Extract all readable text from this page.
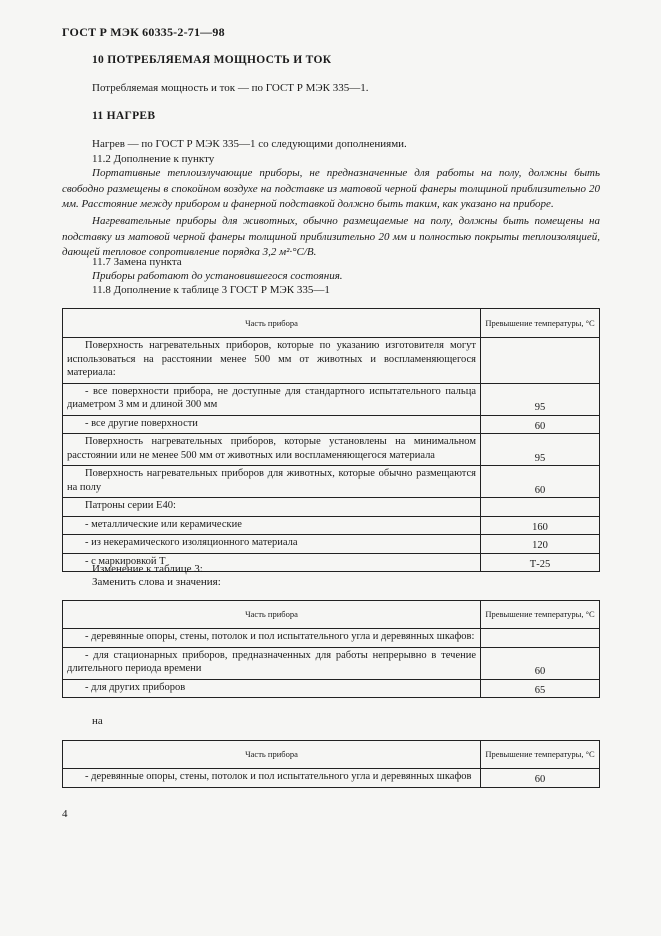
ГОСТ Р МЭК 60335-2-71—98
10 ПОТРЕБЛЯЕМАЯ МОЩНОСТЬ И ТОК
Потребляемая мощность и ток — по ГОСТ Р МЭК 335—1.
11 НАГРЕВ
Нагрев — по ГОСТ Р МЭК 335—1 со следующими дополнениями.
11.2 Дополнение к пункту
Портативные теплоизлучающие приборы, не предназначенные для работы на полу, должны быть свободно размещены в спокойном воздухе на подставке из матовой черной фанеры толщиной приблизительно 20 мм. Расстояние между прибором и фанерной подставкой должно быть таким, как указано на приборе.
Нагревательные приборы для животных, обычно размещаемые на полу, должны быть помещены на подставку из матовой черной фанеры толщиной приблизительно 20 мм и полностью покрыты теплоизоляцией, дающей тепловое сопротивление порядка 3,2 м²·°С/В.
11.7 Замена пункта
Приборы работают до установившегося состояния.
11.8 Дополнение к таблице 3 ГОСТ Р МЭК 335—1
Часть прибора	Превышение температуры, °С

Поверхность нагревательных приборов, которые по указанию изготовителя могут использоваться на расстоянии менее 500 мм от животных и воспламеняющегося материала:	

- все поверхности прибора, не доступные для стандартного испытательного пальца диаметром 3 мм и длиной 300 мм	95

- все другие поверхности	60

Поверхность нагревательных приборов, которые установлены на минимальном расстоянии или не менее 500 мм от животных или воспламеняющегося материала	95

Поверхность нагревательных приборов для животных, которые обычно размещаются на полу	60

Патроны серии Е40:	

- металлические или керамические	160

- из некерамического изоляционного материала	120

- с маркировкой Т	Т-25
Изменение к таблице 3:
Заменить слова и значения:
Часть прибора	Превышение температуры, °С

- деревянные опоры, стены, потолок и пол испытательного угла и деревянных шкафов:	

- для стационарных приборов, предназначенных для работы непрерывно в течение длительного периода времени	60

- для других приборов	65
на
Часть прибора	Превышение температуры, °С

- деревянные опоры, стены, потолок и пол испытательного угла и деревянных шкафов	60
4
